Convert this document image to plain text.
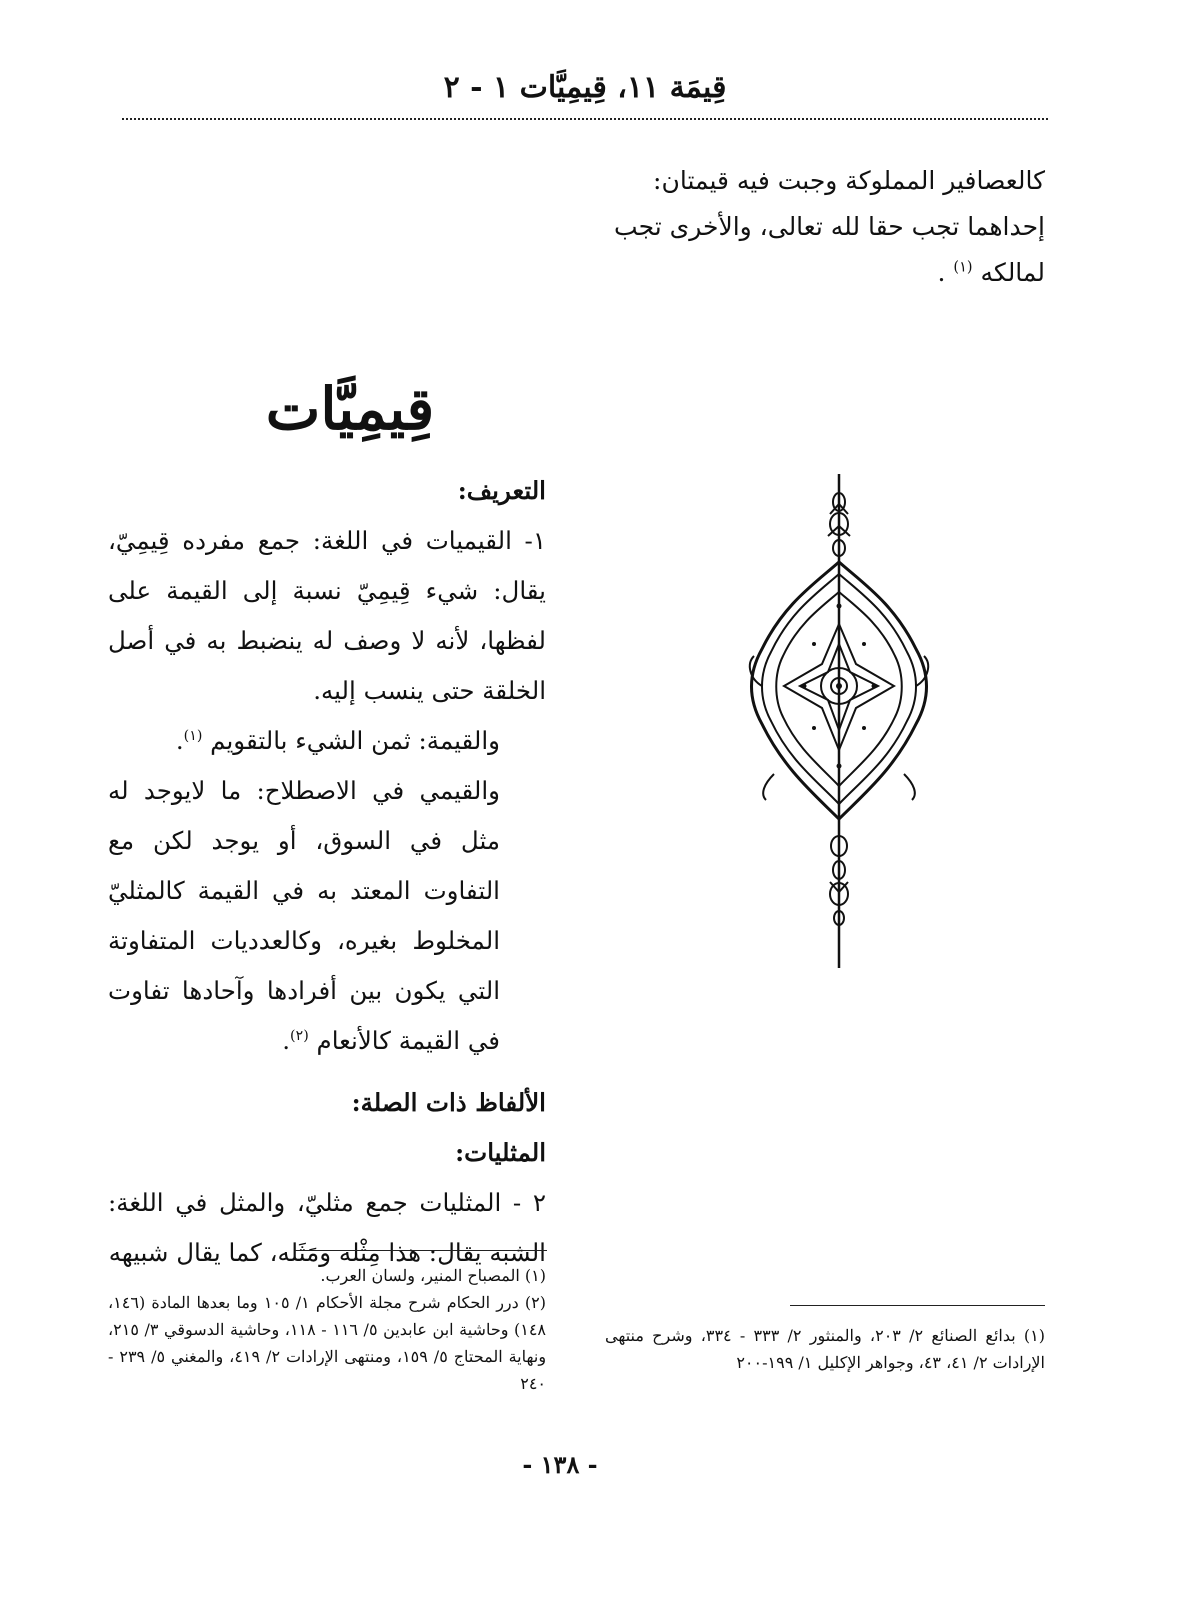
قِيمَة ١١، قِيمِيَّات ١ - ٢

كالعصافير المملوكة وجبت فيه قيمتان:

إحداهما تجب حقا لله تعالى، والأخرى تجب

لمالكه $^{(١)}$ .

قِيمِيَّات

التعريف:

١- القيميات في اللغة: جمع مفرده قِيمِيّ، يقال: شيء قِيمِيّ نسبة إلى القيمة على لفظها، لأنه لا وصف له ينضبط به في أصل الخلقة حتى ينسب إليه.

والقيمة: ثمن الشيء بالتقويم $^{(١)}$.

والقيمي في الاصطلاح: ما لايوجد له مثل في السوق، أو يوجد لكن مع التفاوت المعتد به في القيمة كالمثليّ المخلوط بغيره، وكالعدديات المتفاوتة التي يكون بين أفرادها وآحادها تفاوت في القيمة كالأنعام $^{(٢)}$.

الألفاظ ذات الصلة:

المثليات:

٢ - المثليات جمع مثليّ، والمثل في اللغة: الشبه يقال: هذا مِثْله ومَثَله، كما يقال شبيهه

(١) المصباح المنير، ولسان العرب.

(٢) درر الحكام شرح مجلة الأحكام ١/ ١٠٥ وما بعدها المادة (١٤٦، ١٤٨) وحاشية ابن عابدين ٥/ ١١٦ - ١١٨، وحاشية الدسوقي ٣/ ٢١٥، ونهاية المحتاج ٥/ ١٥٩، ومنتهى الإرادات ٢/ ٤١٩، والمغني ٥/ ٢٣٩ - ٢٤٠

(١) بدائع الصنائع ٢/ ٢٠٣، والمنثور ٢/ ٣٣٣ - ٣٣٤، وشرح منتهى الإرادات ٢/ ٤١، ٤٣، وجواهر الإكليل ١/ ١٩٩-٢٠٠

- ١٣٨ -
